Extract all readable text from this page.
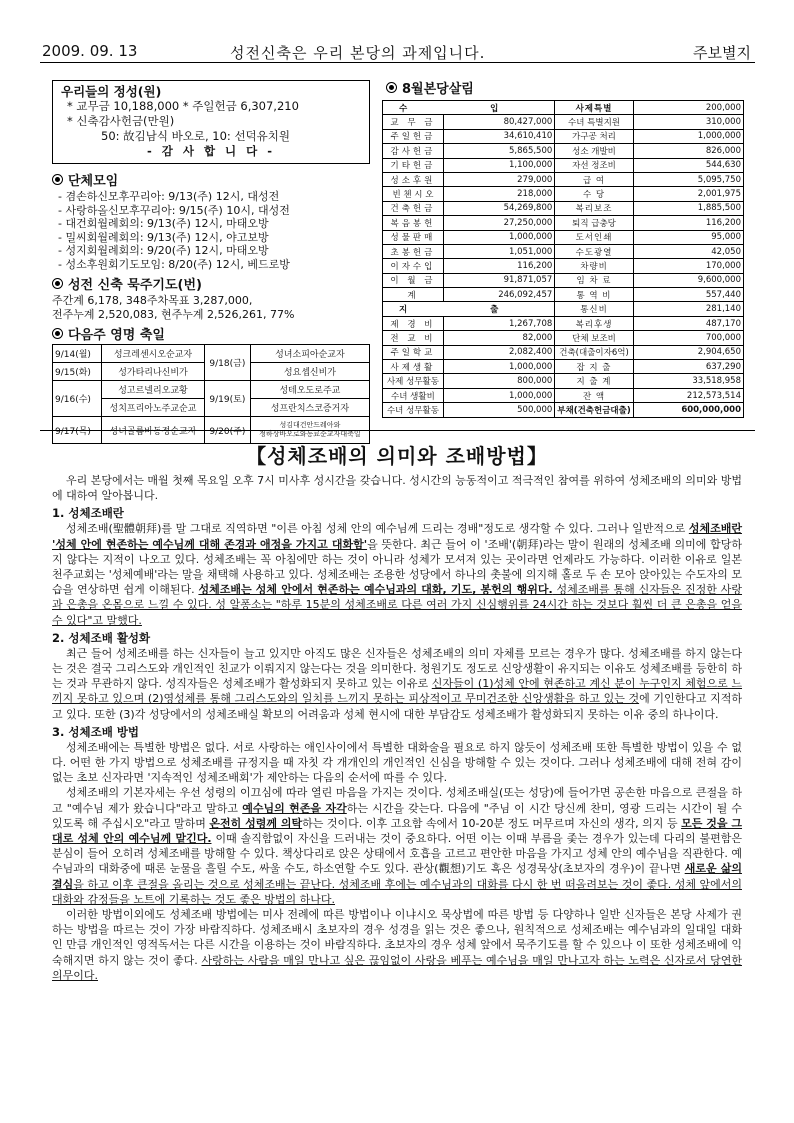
2009. 09. 13	성전신축은 우리 본당의 과제입니다.	주보별지
우리들의 정성(원)
* 교무금 10,188,000 * 주일헌금 6,307,210
* 신축감사헌금(만원)
50: 故김남식 바오로, 10: 선덕유치원
- 감 사 합 니 다 -
단체모임
- 겸손하신모후꾸리아: 9/13(주) 12시, 대성전
- 사랑하올신모후꾸리아: 9/15(주) 10시, 대성전
- 대건회월례회의: 9/13(주) 12시, 마태오방
- 밀씨회월례회의: 9/13(주) 12시, 야고보방
- 성지회월례회의: 9/20(주) 12시, 마태오방
- 성소후원회기도모임: 8/20(주) 12시, 베드로방
성전 신축 묵주기도(번)
주간계 6,178, 348주차목표 3,287,000,
전주누계 2,520,083, 현주누계 2,526,261, 77%
다음주 영명 축일
9/14(월)	성크레센시오순교자	9/18(금)	성녀소피아순교자
9/15(화)	성가타리나신비가		성요셉신비가
9/16(수)	성고르넬리오교황	9/19(토)	성테오도로주교
	성치프리아노주교순교		성프란치스코증거자
9/17(목)	성녀골롬바동정순교자	9/20(주)	성김대건안드레아와
정하상바오로와동료순교자대축일
8월본당살림
수 입		사제특별	200,000
교 무 금	80,427,000	수녀 특별지원	310,000
주일헌금	34,610,410	가구공 처리	1,000,000
감사헌금	5,865,500	성소 개발비	826,000
기타헌금	1,100,000	자선 정조비	544,630
성소후원	279,000	급 여	5,095,750
빈 첸 시 오	218,000	수 당	2,001,975
건축헌금	54,269,800	복리보조	1,885,500
복음봉헌	27,250,000	퇴직 급충당	116,200
성물판매	1,000,000	도서인쇄	95,000
초봉헌금	1,051,000	수도광열	42,050
이자수입	116,200	차량비	170,000
이 월 금	91,871,057	임 차 료	9,600,000
계	246,092,457	통 역 비	557,440
지 출		통신비	281,140
제 경 비	1,267,708	복리후생	487,170
전 교 비	82,000	단체 보조비	700,000
주일학교	2,082,400	건축(대출이자6억)	2,904,650
사제생활	1,000,000	잡 지 출	637,290
사제 성무활동	800,000	지 출 계	33,518,958
수녀 생활비	1,000,000	잔 액	212,573,514
수녀 성무활동	500,000	부채(건축헌금대출)	600,000,000
【성체조배의 의미와 조배방법】

우리 본당에서는 매월 첫째 목요일 오후 7시 미사후 성시간을 갖습니다. 성시간의 능동적이고 적극적인 참여를 위하여 성체조배의 의미와 방법에 대하여 알아봅니다.

1. 성체조배란

성체조배(聖體朝拜)를 말 그대로 직역하면 "이른 아침 성체 안의 예수님께 드리는 경배"정도로 생각할 수 있다. 그러나 일반적으로 성체조배란 '성체 안에 현존하는 예수님께 대해 존경과 애정을 가지고 대화함'을 뜻한다. 최근 들어 이 '조배'(朝拜)라는 말이 원래의 성체조배 의미에 합당하지 않다는 지적이 나오고 있다. 성체조배는 꼭 아침에만 하는 것이 아니라 성체가 모셔져 있는 곳이라면 언제라도 가능하다. 이러한 이유로 일본 천주교회는 '성체예배'라는 말을 채택해 사용하고 있다. 성체조배는 조용한 성당에서 하나의 촛불에 의지해 홀로 두 손 모아 앉아있는 수도자의 모습을 연상하면 쉽게 이해된다. 성체조배는 성체 안에서 현존하는 예수님과의 대화, 기도, 봉헌의 행위다. 성체조배를 통해 신자들은 진정한 사랑과 은총을 온몸으로 느낄 수 있다. 성 알퐁소는 "하루 15분의 성체조배로 다른 여러 가지 신심행위를 24시간 하는 것보다 훨씬 더 큰 은총을 얻을 수 있다"고 말했다.

2. 성체조배 활성화

최근 들어 성체조배를 하는 신자들이 늘고 있지만 아직도 많은 신자들은 성체조배의 의미 자체를 모르는 경우가 많다. 성체조배를 하지 않는다는 것은 결국 그리스도와 개인적인 친교가 이뤄지지 않는다는 것을 의미한다. 청원기도 정도로 신앙생활이 유지되는 이유도 성체조배를 등한히 하는 것과 무관하지 않다. 성직자들은 성체조배가 활성화되지 못하고 있는 이유로 신자들이 (1)성체 안에 현존하고 계신 분이 누구인지 체험으로 느끼지 못하고 있으며 (2)영성체를 통해 그리스도와의 일치를 느끼지 못하는 피상적이고 무미건조한 신앙생활을 하고 있는 것에 기인한다고 지적하고 있다. 또한 (3)각 성당에서의 성체조배실 확보의 어려움과 성체 현시에 대한 부담감도 성체조배가 활성화되지 못하는 이유 중의 하나이다.

3. 성체조배 방법

성체조배에는 특별한 방법은 없다. 서로 사랑하는 애인사이에서 특별한 대화술을 필요로 하지 않듯이 성체조배 또한 특별한 방법이 있을 수 없다. 어떤 한 가지 방법으로 성체조배를 규정지을 때 자칫 각 개개인의 개인적인 신심을 방해할 수 있는 것이다. 그러나 성체조배에 대해 전혀 감이 없는 초보 신자라면 '지속적인 성체조배회'가 제안하는 다음의 순서에 따를 수 있다.

성체조배의 기본자세는 우선 성령의 이끄심에 따라 열린 마음을 가지는 것이다. 성체조배실(또는 성당)에 들어가면 공손한 마음으로 큰절을 하고 "예수님 제가 왔습니다"라고 말하고 예수님의 현존을 자각하는 시간을 갖는다. 다음에 "주님 이 시간 당신께 찬미, 영광 드리는 시간이 될 수 있도록 해 주십시오"라고 말하며 온전히 성령께 의탁하는 것이다. 이후 고요함 속에서 10-20분 정도 머무르며 자신의 생각, 의지 등 모든 것을 그대로 성체 안의 예수님께 맡긴다. 이때 솔직함없이 자신을 드러내는 것이 중요하다. 어떤 이는 이때 부름을 좇는 경우가 있는데 다리의 불편함은 분심이 들어 오히려 성체조배를 방해할 수 있다. 책상다리로 앉은 상태에서 호흡을 고르고 편안한 마음을 가지고 성체 안의 예수님을 직관한다. 예수님과의 대화중에 때론 눈물을 흘릴 수도, 싸울 수도, 하소연할 수도 있다. 관상(觀想)기도 혹은 성경묵상(초보자의 경우)이 끝나면 새로운 삶의 결심을 하고 이후 큰절을 올리는 것으로 성체조배는 끝난다. 성체조배 후에는 예수님과의 대화를 다시 한 번 떠올려보는 것이 좋다. 성체 앞에서의 대화와 감정들을 노트에 기록하는 것도 좋은 방법의 하나다.

이러한 방법이외에도 성체조배 방법에는 미사 전례에 따른 방법이나 이냐시오 묵상법에 따른 방법 등 다양하나 일반 신자들은 본당 사제가 권하는 방법을 따르는 것이 가장 바람직하다. 성체조배시 초보자의 경우 성경을 읽는 것은 좋으나, 원칙적으로 성체조배는 예수님과의 일대일 대화인 만큼 개인적인 영적독서는 다른 시간을 이용하는 것이 바람직하다. 초보자의 경우 성체 앞에서 묵주기도를 할 수 있으나 이 또한 성체조배에 익숙해지면 하지 않는 것이 좋다. 사랑하는 사람을 매일 만나고 싶은 끊임없이 사랑을 베푸는 예수님을 매일 만나고자 하는 노력은 신자로서 당연한 의무이다.
